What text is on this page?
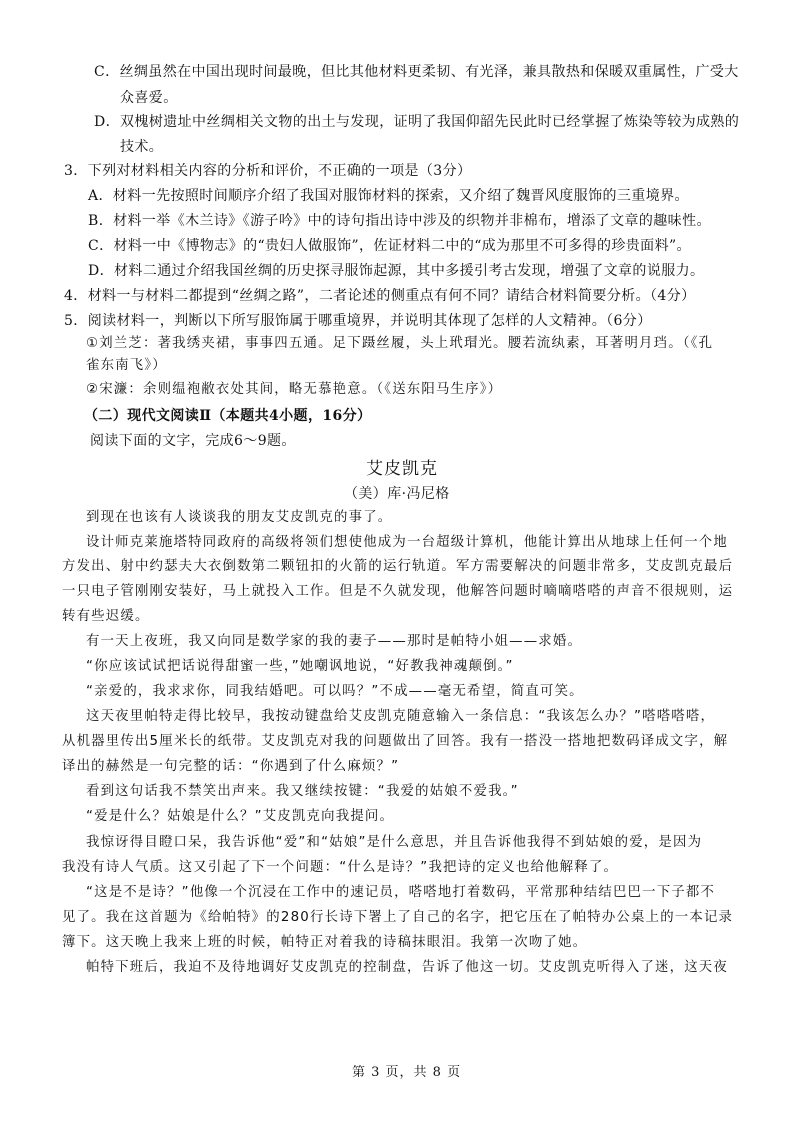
C．丝绸虽然在中国出现时间最晚，但比其他材料更柔韧、有光泽，兼具散热和保暖双重属性，广受大
众喜爱。
D．双槐树遗址中丝绸相关文物的出土与发现，证明了我国仰韶先民此时已经掌握了炼染等较为成熟的
技术。
3．下列对材料相关内容的分析和评价，不正确的一项是（3分）
A．材料一先按照时间顺序介绍了我国对服饰材料的探索，又介绍了魏晋风度服饰的三重境界。
B．材料一举《木兰诗》《游子吟》中的诗句指出诗中涉及的织物并非棉布，增添了文章的趣味性。
C．材料一中《博物志》的“贵妇人做服饰”，佐证材料二中的“成为那里不可多得的珍贵面料”。
D．材料二通过介绍我国丝绸的历史探寻服饰起源，其中多援引考古发现，增强了文章的说服力。
4．材料一与材料二都提到“丝绸之路”，二者论述的侧重点有何不同？请结合材料简要分析。（4分）
5．阅读材料一，判断以下所写服饰属于哪重境界，并说明其体现了怎样的人文精神。（6分）
①刘兰芝：著我绣夹裙，事事四五通。足下蹑丝履，头上玳瑁光。腰若流纨素，耳著明月珰。（《孔
雀东南飞》）
②宋濂：余则缊袍敝衣处其间，略无慕艳意。（《送东阳马生序》）
（二）现代文阅读Ⅱ（本题共4小题，16分）
阅读下面的文字，完成6～9题。
艾皮凯克
（美）库·冯尼格
到现在也该有人谈谈我的朋友艾皮凯克的事了。
设计师克莱施塔特同政府的高级将领们想使他成为一台超级计算机，他能计算出从地球上任何一个地
方发出、射中约瑟夫大衣倒数第二颗钮扣的火箭的运行轨道。军方需要解决的问题非常多，艾皮凯克最后
一只电子管刚刚安装好，马上就投入工作。但是不久就发现，他解答问题时嘀嘀嗒嗒的声音不很规则，运
转有些迟缓。
有一天上夜班，我又向同是数学家的我的妻子——那时是帕特小姐——求婚。
“你应该试试把话说得甜蜜一些，”她嘲讽地说，“好教我神魂颠倒。”
“亲爱的，我求求你，同我结婚吧。可以吗？”不成——毫无希望，简直可笑。
这天夜里帕特走得比较早，我按动键盘给艾皮凯克随意输入一条信息：“我该怎么办？”嗒嗒嗒嗒，
从机器里传出5厘米长的纸带。艾皮凯克对我的问题做出了回答。我有一搭没一搭地把数码译成文字，解
译出的赫然是一句完整的话：“你遇到了什么麻烦？”
看到这句话我不禁笑出声来。我又继续按键：“我爱的姑娘不爱我。”
“爱是什么？姑娘是什么？”艾皮凯克向我提问。
我惊讶得目瞪口呆，我告诉他“爱”和“姑娘”是什么意思，并且告诉他我得不到姑娘的爱，是因为
我没有诗人气质。这又引起了下一个问题：“什么是诗？”我把诗的定义也给他解释了。
“这是不是诗？”他像一个沉浸在工作中的速记员，嗒嗒地打着数码，平常那种结结巴巴一下子都不
见了。我在这首题为《给帕特》的280行长诗下署上了自己的名字，把它压在了帕特办公桌上的一本记录
簿下。这天晚上我来上班的时候，帕特正对着我的诗稿抹眼泪。我第一次吻了她。
帕特下班后，我迫不及待地调好艾皮凯克的控制盘，告诉了他这一切。艾皮凯克听得入了迷，这天夜
第 3 页，共 8 页
